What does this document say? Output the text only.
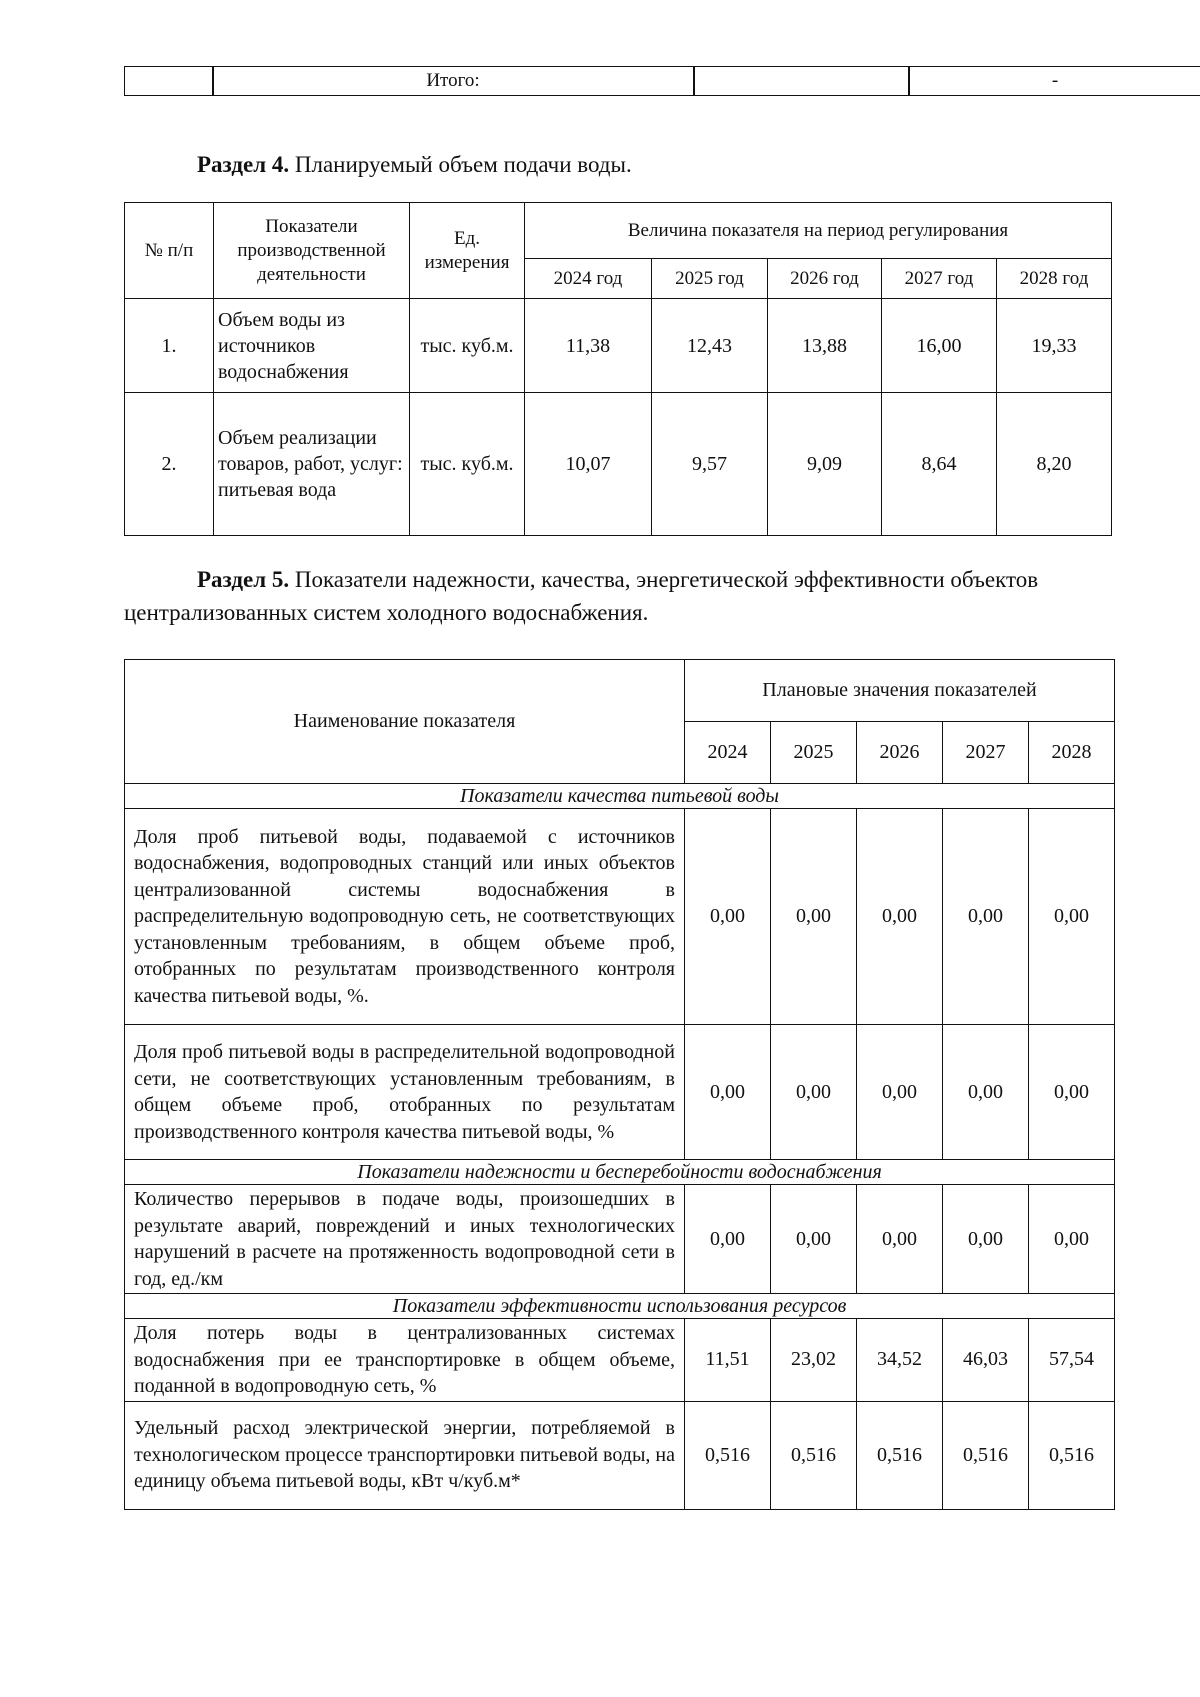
	Итого:		-
Раздел 4. Планируемый объем подачи воды.
№ п/п	Показатели производственной деятельности	Ед. измерения	Величина показателя на период регулирования				
			2024 год	2025 год	2026 год	2027 год	2028 год
1.	Объем воды из источников водоснабжения	тыс. куб.м.	11,38	12,43	13,88	16,00	19,33
2.	Объем реализации товаров, работ, услуг: питьевая вода	тыс. куб.м.	10,07	9,57	9,09	8,64	8,20
Раздел 5. Показатели надежности, качества, энергетической эффективности объектов централизованных систем холодного водоснабжения.
Наименование показателя	Плановые значения показателей				
	2024	2025	2026	2027	2028
Показатели качества питьевой воды					
Доля проб питьевой воды, подаваемой с источников водоснабжения, водопроводных станций или иных объектов централизованной системы водоснабжения в распределительную водопроводную сеть, не соответствующих установленным требованиям, в общем объеме проб, отобранных по результатам производственного контроля качества питьевой воды, %.	0,00	0,00	0,00	0,00	0,00
Доля проб питьевой воды в распределительной водопроводной сети, не соответствующих установленным требованиям, в общем объеме проб, отобранных по результатам производственного контроля качества питьевой воды, %	0,00	0,00	0,00	0,00	0,00
Показатели надежности и бесперебойности водоснабжения					
Количество перерывов в подаче воды, произошедших в результате аварий, повреждений и иных технологических нарушений в расчете на протяженность водопроводной сети в год, ед./км	0,00	0,00	0,00	0,00	0,00
Показатели эффективности использования ресурсов					
Доля потерь воды в централизованных системах водоснабжения при ее транспортировке в общем объеме, поданной в водопроводную сеть, %	11,51	23,02	34,52	46,03	57,54
Удельный расход электрической энергии, потребляемой в технологическом процессе транспортировки питьевой воды, на единицу объема питьевой воды, кВт ч/куб.м*	0,516	0,516	0,516	0,516	0,516
